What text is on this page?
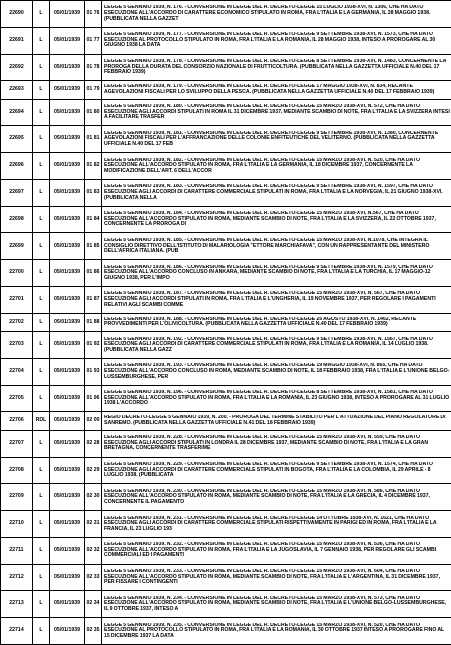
22690	L	05/01/1939	01 76	LEGGE 5 GENNAIO 1939, N. 176. - CONVERSIONE IN LEGGE DEL R. DECRETO-LEGGE 15 LUGLIO 1938-XVI, N. 1306, CHE HA DATO ESECUZIONE ALL'ACCORDO DI CARATTERE ECONOMICO STIPULATO IN ROMA, FRA L'ITALIA E LA GERMANIA, IL 28 MAGGIO 1938. (PUBBLICATA NELLA GAZZET

22691	L	05/01/1939	01 77	LEGGE 5 GENNAIO 1939, N. 177. - CONVERSIONE IN LEGGE DEL R. DECRETO-LEGGE 9 SETTEMBRE 1938-XVI, N. 1573, CHE HA DATO ESECUZIONE AL PROTOCOLLO STIPULATO IN ROMA, FRA L'ITALIA E LA ROMANIA, IL 28 MAGGIO 1938, INTESO A PROROGARE AL 30 GIUGNO 1938 LA DATA

22692	L	05/01/1939	01 78	LEGGE 5 GENNAIO 1939, N. 178. - CONVERSIONE IN LEGGE DEL R. DECRETO-LEGGE 8 SETTEMBRE 1938-XVI, N. 1483, CONCERNENTE LA PROROGA DELLA DURATA DEL CONSORZIO NAZIONALE DI FRUTTICOLTURA. (PUBBLICATA NELLA GAZZETTA UFFICIALE N.40 DEL 17 FEBBRAIO 1939)

22693	L	05/01/1939	01 79	LEGGE 5 GENNAIO 1939, N. 179. - CONVERSIONE IN LEGGE DEL R. DECRETO-LEGGE 17 MAGGIO 1938-XVI, N. 834, RECANTE AGEVOLAZIONI FISCALI PER LO SVILUPPO DELLA PESCA. (PUBBLICATA NELLA GAZZETTA UFFICIALE N.40 DEL 17 FEBBRAIO 1939)

22694	L	05/01/1939	01 80	LEGGE 5 GENNAIO 1939, N. 180. - CONVERSIONE IN LEGGE DEL R. DECRETO-LEGGE 15 MARZO 1938-XVI, N. 572, CHE HA DATO ESECUZIONE AGLI ACCORDI STIPULATI IN ROMA IL 31 DICEMBRE 1937, MEDIANTE SCAMBIO DI NOTE, FRA L'ITALIA E LA SVIZZERA INTESI A FACILITARE TRASFER

22695	L	05/01/1939	01 81	LEGGE 5 GENNAIO 1939, N. 181. - CONVERSIONE IN LEGGE DEL R. DECRETO-LEGGE 9 SETTEMBRE 1938-XVI, N. 1380, CONCERNENTE AGEVOLAZIONI FISCALI PER L'AFFRANCAZIONE DELLE COLONIE ENFITEUTICHE DEL VELITERNO. (PUBBLICATA NELLA GAZZETTA UFFICIALE N.40 DEL 17 FEB

22696	L	05/01/1939	01 82	LEGGE 5 GENNAIO 1939, N. 182. - CONVERSIONE IN LEGGE DEL R. DECRETO-LEGGE 15 MARZO 1938-XVI, N. 520, CHE HA DATO ESECUZIONE ALL'ACCORDO STIPULATO IN ROMA, FRA L'ITALIA E LA GERMANIA, IL 18 DICEMBRE 1937, CONCERNENTE LA MODIFICAZIONE DELL'ART. 6 DELL'ACCOR

22697	L	05/01/1939	01 83	LEGGE 5 GENNAIO 1939, N. 183. - CONVERSIONE IN LEGGE DEL R. DECRETO-LEGGE 9 SETTEMBRE 1938-XVI, N. 1597, CHE HA DATO ESECUZIONE AGLI ACCORDI DI CARATTERE COMMERCIALE STIPULATI IN ROMA, FRA L'ITALIA E LA NORVEGIA, IL 21 GIUGNO 1938-XVI. (PUBBLICATA NELLA

22698	L	05/01/1939	01 84	LEGGE 5 GENNAIO 1939, N. 184. - CONVERSIONE IN LEGGE DEL R. DECRETO-LEGGE 15 MARZO 1938-XVI, N.567, CHE HA DATO ESECUZIONE ALL'ACCORDO STIPULATO IN ROMA, MEDIANTE SCAMBIO DI NOTE, FRA L'ITALIA E LA SVIZZERA, IL 22 OTTOBRE 1937, CONCERNENTE LA PROROGA DI

22699	L	05/01/1939	01 85	LEGGE 5 GENNAIO 1939, N. 185. - CONVERSIONE IN LEGGE DEL R. DECRETO-LEGGE 15 MARZO 1938-XVI, N.1078, CHE INTEGRA IL CONSIGLIO DIRETTIVO DELL'ISTITUTO DI MALARIOLOGIA "ETTORE MARCHIAFAVA", CON UN RAPPRESENTANTE DEL MINISTERO DELL'AFRICA ITALIANA. (PUB

22700	L	05/01/1939	01 86	LEGGE 5 GENNAIO 1939, N. 186. - CONVERSIONE IN LEGGE DEL R. DECRETO-LEGGE 9 SETTEMBRE 1938-XVI, N. 1579, CHE HA DATO ESECUZIONE ALL'ACCORDO CONCLUSO IN ANKARA, MEDIANTE SCAMBIO DI NOTE, FRA L'ITALIA E LA TURCHIA, IL 17 MAGGIO-12 GIUGNO 1938, PER L'IMPO

22701	L	05/01/1939	01 87	LEGGE 5 GENNAIO 1939, N. 187. - CONVERSIONE IN LEGGE DEL R. DECRETO-LEGGE 15 MARZO 1938-XVI, N. 567, CHE HA DATO ESECUZIONE AGLI ACCORDI STIPULATI IN ROMA, FRA L'ITALIA E L'UNGHERIA, IL 19 NOVEMBRE 1937, PER REGOLARE I PAGAMENTI RELATIVI AGLI SCAMBI COMME

22702	L	05/01/1939	01 88	LEGGE 5 GENNAIO 1939, N. 188. - CONVERSIONE IN LEGGE DEL R. DECRETO-LEGGE 25 AGOSTO 1938-XVI, N. 1462, RECANTE PROVVEDIMENTI PER L'OLIVICOLTURA. (PUBBLICATA NELLA GAZZETTA UFFICIALE N.40 DEL 17 FEBBRAIO 1939)

22703	L	05/01/1939	01 92	LEGGE 5 GENNAIO 1939, N. 192. - CONVERSIONE IN LEGGE DEL R. DECRETO-LEGGE 9 SETTEMBRE 1938-XVI, N. 1567, CHE HA DATO ESECUZIONE AGLI ACCORDI DI CARATTERE COMMERCIALE STIPULATI IN ROMA, FRA L'ITALIA E LA ROMANIA, IL 14 LUGLIO 1938. (PUBBLICATA NELLA GAZZ

22704	L	05/01/1939	01 93	LEGGE 5 GENNAIO 1939, N. 193. - CONVERSIONE IN LEGGE DEL R. DECRETO-LEGGE 19 MAGGIO 1938-XVI, N. 865, CHE HA DATO ESECUZIONE ALL'ACCORDO CONCLUSO IN ROMA, MEDIANTE SCAMBIO DI NOTE, IL 18 FEBBRAIO 1938, FRA L'ITALIA E L'UNIONE BELGO-LUSSEMBURGHESE, PER

22705	L	05/01/1939	01 96	LEGGE 5 GENNAIO 1939, N. 196. - CONVERSIONE IN LEGGE DEL R. DECRETO-LEGGE 8 SETTEMBRE 1938-XVI, N. 1581, CHE HA DATO ESECUZIONE ALL'ACCORDO STIPULATO IN ROMA, FRA L'ITALIA E LA ROMANIA, IL 23 GIUGNO 1938, INTESO A PROROGARE AL 31 LUGLIO 1938 L'ACCORDO

22706	RDL	05/01/1939	02 00	REGIO DECRETO-LEGGE 5 GENNAIO 1939, N. 200. - PROROGA DEL TERMINE STABILITO PER L'ATTUAZIONE DEL PIANO REGOLATORE DI SANREMO. (PUBBLICATA NELLA GAZZETTA UFFICIALE N.41 DEL 18 FEBBRAIO 1939)

22707	L	05/01/1939	02 28	LEGGE 5 GENNAIO 1939, N. 228. - CONVERSIONE IN LEGGE DEL R. DECRETO-LEGGE 15 MARZO 1938-XVI, N. 559, CHE HA DATO ESECUZIONE AGLI ACCORDI STIPULATI IN LONDRA IL 28 DICEMBRE 1937, MEDIANTE SCAMBIO DI NOTE, FRA L'ITALIA E LA GRAN BRETAGNA, CONCERNENTE TRASFERIME

22708	L	05/01/1939	02 29	LEGGE 5 GENNAIO 1939, N. 229. - CONVERSIONE IN LEGGE DEL R. DECRETO-LEGGE 9 SETTEMBRE 1938-XVI, N. 1574, CHE HA DATO ESECUZIONE AGLI ACCORDI DI CARATTERE COMMERCIALE STIPULATI IN BOGOTA, FRA L'ITALIA E LA COLOMBIA, IL 29 APRILE - 8 LUGLIO 1938. (PUBBLICATA

22709	L	05/01/1939	02 30	LEGGE 5 GENNAIO 1939, N. 230. - CONVERSIONE IN LEGGE DEL R. DECRETO-LEGGE 15 MARZO 1938-XVI, N. 586, CHE HA DATO ESECUZIONE ALL'ACCORDO STIPULATO IN ROMA, MEDIANTE SCAMBIO DI NOTE, FRA L'ITALIA E LA GRECIA, IL 4 DICEMBRE 1937, CONCERNENTE IL PAGAMENTO

22710	L	05/01/1939	02 31	LEGGE 5 GENNAIO 1939, N. 231. - CONVERSIONE IN LEGGE DEL R. DECRETO-LEGGE 14 OTTOBRE 1938-XVI, N. 1621, CHE HA DATO ESECUZIONE AGLI ACCORDI DI CARATTERE COMMERCIALE STIPULATI RISPETTIVAMENTE IN PARIGI ED IN ROMA, FRA L'ITALIA E LA FRANCIA, IL 23 LUGLIO 193

22711	L	05/01/1939	02 32	LEGGE 5 GENNAIO 1939, N. 232. - CONVERSIONE IN LEGGE DEL R. DECRETO-LEGGE 15 MARZO 1938-XVI, N. 536, CHE HA DATO ESECUZIONE ALL'ACCORDO STIPULATO IN ROMA, FRA L'ITALIA E LA JUGOSLAVIA, IL 7 GENNAIO 1938, PER REGOLARE GLI SCAMBI COMMERCIALI ED I PAGAMENTI

22712	L	05/01/1939	02 33	LEGGE 5 GENNAIO 1939, N. 233. - CONVERSIONE IN LEGGE DEL R. DECRETO-LEGGE 15 MARZO 1938-XVI, N. 604, CHE HA DATO ESECUZIONE ALL'ACCORDO STIPULATO IN ROMA, MEDIANTE SCAMBIO DI NOTE, FRA L'ITALIA E L'ARGENTINA, IL 31 DICEMBRE 1937, PER FISSARE I CONTINGENTI

22713	L	05/01/1939	02 34	LEGGE 5 GENNAIO 1939, N. 234. - CONVERSIONE IN LEGGE DEL R. DECRETO-LEGGE 15 MARZO 1938-XVI, N. 573, CHE HA DATO ESECUZIONE ALL'ACCORDO STIPULATO IN ROMA, MEDIANTE SCAMBIO DI NOTE, FRA L'ITALIA E L'UNIONE BELGO-LUSSEMBURGHESE, IL 9 OTTOBRE 1937, INTESO A

22714	L	05/01/1939	02 35	LEGGE 5 GENNAIO 1939, N. 235. - CONVERSIONE IN LEGGE DEL R. DECRETO-LEGGE 15 MARZO 1938-XVI, N. 520, CHE HA DATO ESECUZIONE AL PROTOCOLLO STIPULATO IN ROMA, FRA L'ITALIA E LA ROMANIA, IL 30 OTTOBRE 1937 INTESO A PROROGARE FINO AL 15 DICEMBRE 1937 LA DATA
